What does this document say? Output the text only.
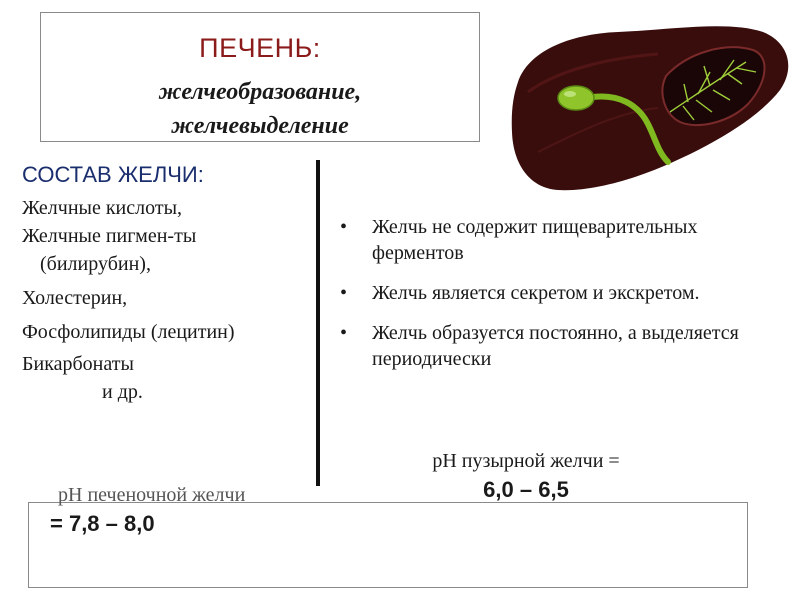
ПЕЧЕНЬ:
желчеобразование,
желчевыделение
СОСТАВ ЖЕЛЧИ:
Желчные кислоты,
Желчные пигмен-ты
(билирубин),
Холестерин,
Фосфолипиды (лецитин)
Бикарбонаты
и др.
• Желчь не содержит пищеварительных ферментов
• Желчь является секретом и экскретом.
• Желчь образуется постоянно, а выделяется периодически
pH пузырной желчи =
6,0 – 6,5
pH печеночной желчи
= 7,8 – 8,0
